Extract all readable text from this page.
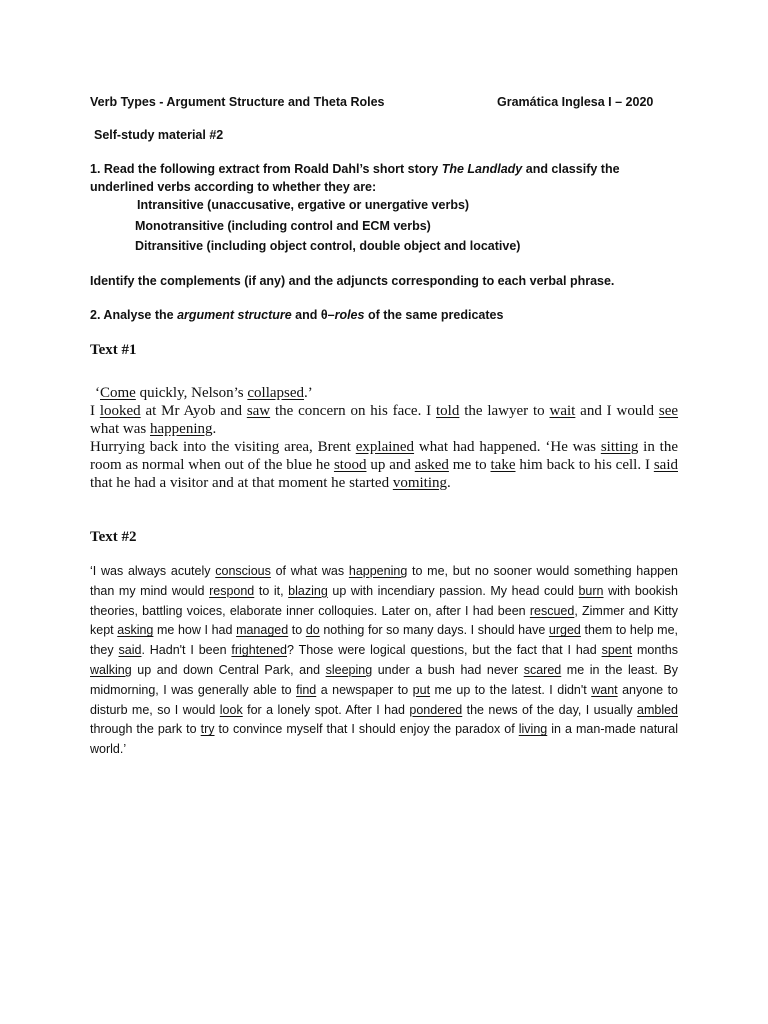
Verb Types - Argument Structure and Theta Roles	Gramática Inglesa I – 2020
Self-study material #2
1. Read the following extract from Roald Dahl’s short story The Landlady and classify the
underlined verbs according to whether they are:
Intransitive (unaccusative, ergative or unergative verbs)
Monotransitive (including control and ECM verbs)
Ditransitive (including object control, double object and locative)
Identify the complements (if any) and the adjuncts corresponding to each verbal phrase.
2. Analyse the argument structure and θ–roles of the same predicates
Text #1
‘Come quickly, Nelson’s collapsed.’
I looked at Mr Ayob and saw the concern on his face. I told the lawyer to wait and I would see what was happening.
Hurrying back into the visiting area, Brent explained what had happened. ‘He was sitting in the room as normal when out of the blue he stood up and asked me to take him back to his cell. I said that he had a visitor and at that moment he started vomiting.
Text #2
‘I was always acutely conscious of what was happening to me, but no sooner would something happen than my mind would respond to it, blazing up with incendiary passion. My head could burn with bookish theories, battling voices, elaborate inner colloquies. Later on, after I had been rescued, Zimmer and Kitty kept asking me how I had managed to do nothing for so many days. I should have urged them to help me, they said. Hadn't I been frightened? Those were logical questions, but the fact that I had spent months walking up and down Central Park, and sleeping under a bush had never scared me in the least. By midmorning, I was generally able to find a newspaper to put me up to the latest. I didn't want anyone to disturb me, so I would look for a lonely spot. After I had pondered the news of the day, I usually ambled through the park to try to convince myself that I should enjoy the paradox of living in a man-made natural world.’
